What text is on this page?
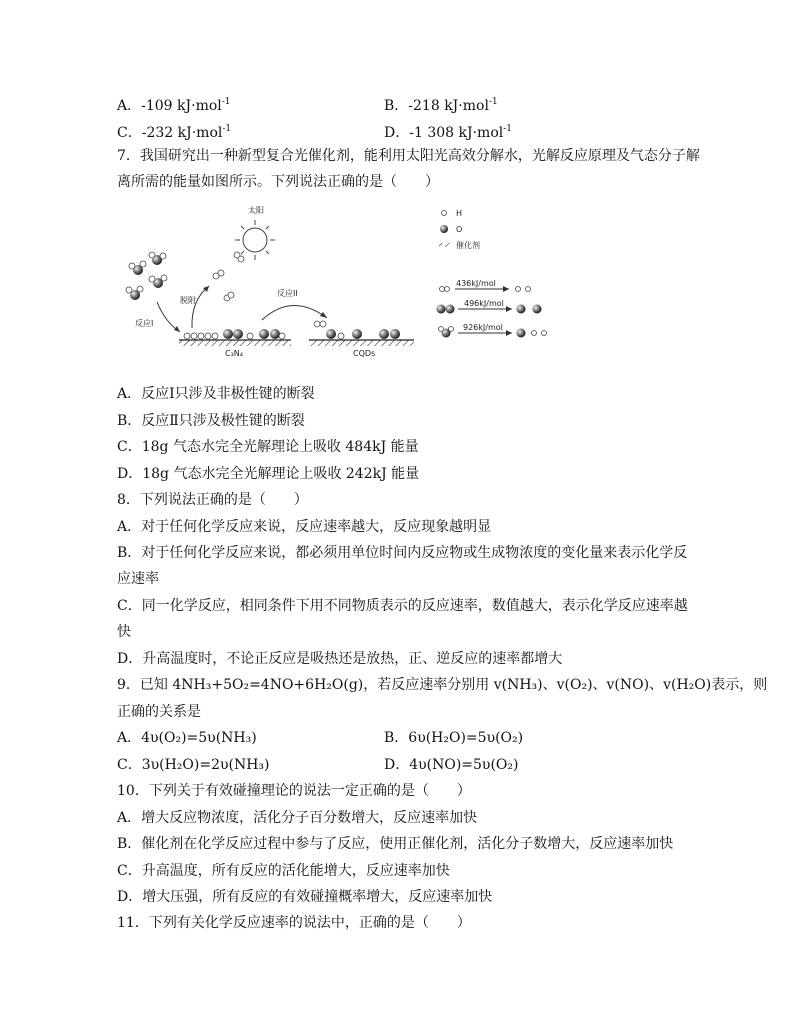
A．-109 kJ·mol$^{-1}$	B．-218 kJ·mol$^{-1}$
C．-232 kJ·mol$^{-1}$	D．-1 308 kJ·mol$^{-1}$
7．我国研究出一种新型复合光催化剂，能利用太阳光高效分解水，光解反应原理及气态分子解
离所需的能量如图所示。下列说法正确的是（　　）
太阳
反应I
脱附
C₃N₄
反应II
CQDs
H
O
催化剂
436kJ/mol
496kJ/mol
926kJ/mol
A．反应Ⅰ只涉及非极性键的断裂
B．反应Ⅱ只涉及极性键的断裂
C．18g 气态水完全光解理论上吸收 484kJ 能量
D．18g 气态水完全光解理论上吸收 242kJ 能量
8．下列说法正确的是（　　）
A．对于任何化学反应来说，反应速率越大，反应现象越明显
B．对于任何化学反应来说，都必须用单位时间内反应物或生成物浓度的变化量来表示化学反
应速率
C．同一化学反应，相同条件下用不同物质表示的反应速率，数值越大，表示化学反应速率越
快
D．升高温度时，不论正反应是吸热还是放热，正、逆反应的速率都增大
9．已知 4NH₃+5O₂=4NO+6H₂O(g)，若反应速率分别用 v(NH₃)、v(O₂)、v(NO)、v(H₂O)表示，则
正确的关系是
A．4υ(O₂)=5υ(NH₃)	B．6υ(H₂O)=5υ(O₂)
C．3υ(H₂O)=2υ(NH₃)	D．4υ(NO)=5υ(O₂)
10．下列关于有效碰撞理论的说法一定正确的是（　　）
A．增大反应物浓度，活化分子百分数增大，反应速率加快
B．催化剂在化学反应过程中参与了反应，使用正催化剂，活化分子数增大，反应速率加快
C．升高温度，所有反应的活化能增大，反应速率加快
D．增大压强，所有反应的有效碰撞概率增大，反应速率加快
11．下列有关化学反应速率的说法中，正确的是（　　）
